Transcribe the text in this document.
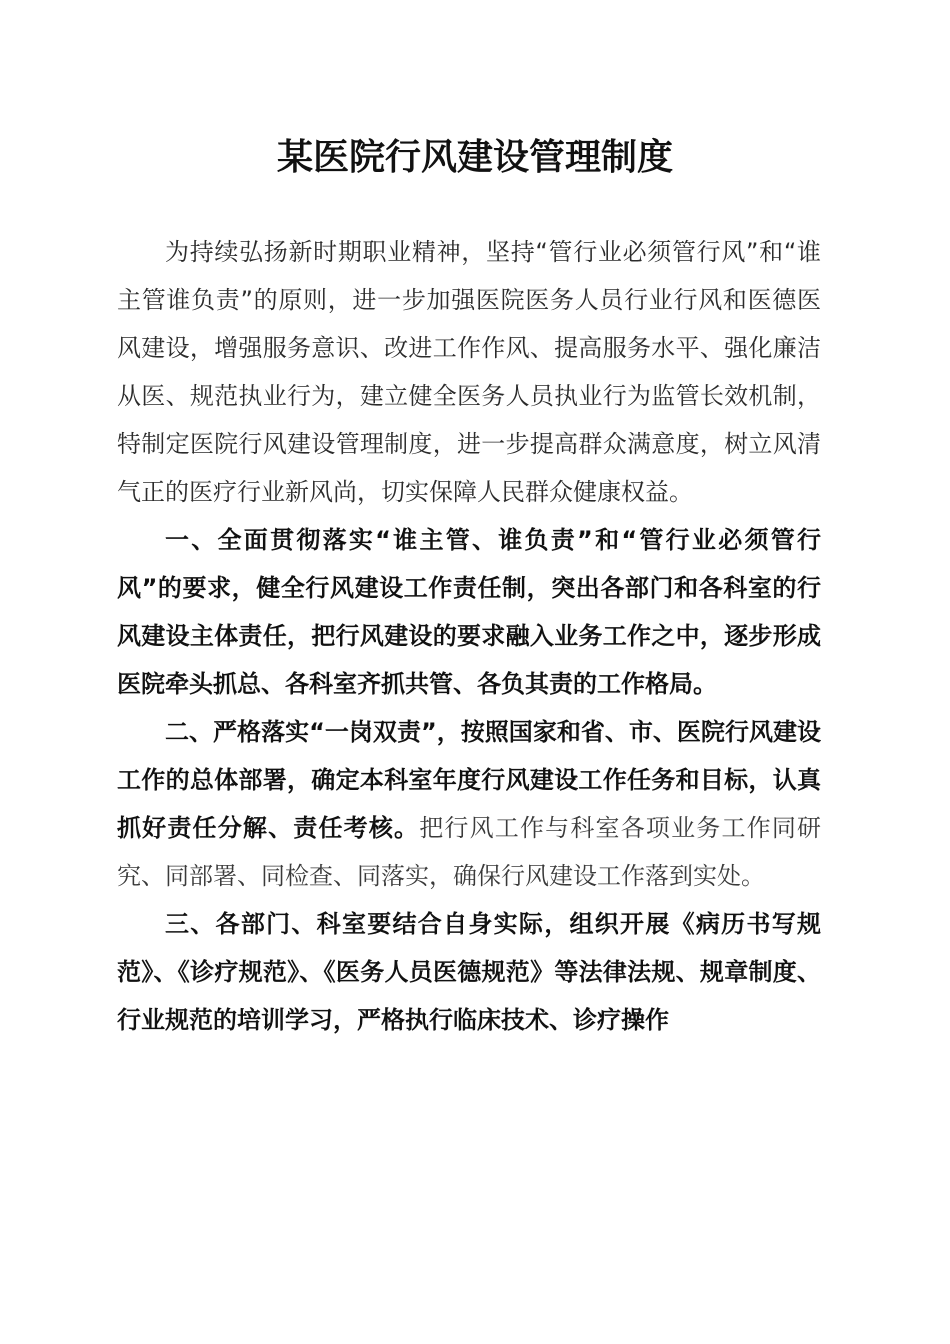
某医院行风建设管理制度

为持续弘扬新时期职业精神，坚持“管行业必须管行风”和“谁主管谁负责”的原则，进一步加强医院医务人员行业行风和医德医风建设，增强服务意识、改进工作作风、提高服务水平、强化廉洁从医、规范执业行为，建立健全医务人员执业行为监管长效机制，特制定医院行风建设管理制度，进一步提高群众满意度，树立风清气正的医疗行业新风尚，切实保障人民群众健康权益。

一、全面贯彻落实“谁主管、谁负责”和“管行业必须管行风”的要求，健全行风建设工作责任制，突出各部门和各科室的行风建设主体责任，把行风建设的要求融入业务工作之中，逐步形成医院牵头抓总、各科室齐抓共管、各负其责的工作格局。

二、严格落实“一岗双责”，按照国家和省、市、医院行风建设工作的总体部署，确定本科室年度行风建设工作任务和目标，认真抓好责任分解、责任考核。把行风工作与科室各项业务工作同研究、同部署、同检查、同落实，确保行风建设工作落到实处。

三、各部门、科室要结合自身实际，组织开展《病历书写规范》、《诊疗规范》、《医务人员医德规范》等法律法规、规章制度、行业规范的培训学习，严格执行临床技术、诊疗操作
